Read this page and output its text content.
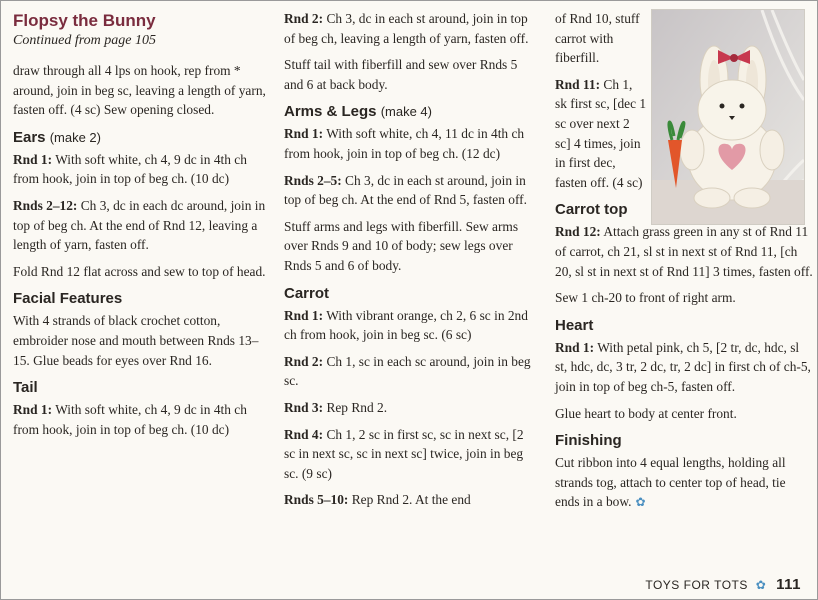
Flopsy the Bunny
Continued from page 105

draw through all 4 lps on hook, rep from * around, join in beg sc, leaving a length of yarn, fasten off. (4 sc) Sew opening closed.

Ears (make 2)

Rnd 1: With soft white, ch 4, 9 dc in 4th ch from hook, join in top of beg ch. (10 dc)

Rnds 2–12: Ch 3, dc in each dc around, join in top of beg ch. At the end of Rnd 12, leaving a length of yarn, fasten off.

Fold Rnd 12 flat across and sew to top of head.

Facial Features

With 4 strands of black crochet cotton, embroider nose and mouth between Rnds 13–15. Glue beads for eyes over Rnd 16.

Tail

Rnd 1: With soft white, ch 4, 9 dc in 4th ch from hook, join in top of beg ch. (10 dc)

Rnd 2: Ch 3, dc in each st around, join in top of beg ch, leaving a length of yarn, fasten off.

Stuff tail with fiberfill and sew over Rnds 5 and 6 at back body.

Arms & Legs (make 4)

Rnd 1: With soft white, ch 4, 11 dc in 4th ch from hook, join in top of beg ch. (12 dc)

Rnds 2–5: Ch 3, dc in each st around, join in top of beg ch. At the end of Rnd 5, fasten off.

Stuff arms and legs with fiberfill. Sew arms over Rnds 9 and 10 of body; sew legs over Rnds 5 and 6 of body.

Carrot

Rnd 1: With vibrant orange, ch 2, 6 sc in 2nd ch from hook, join in beg sc. (6 sc)

Rnd 2: Ch 1, sc in each sc around, join in beg sc.

Rnd 3: Rep Rnd 2.

Rnd 4: Ch 1, 2 sc in first sc, sc in next sc, [2 sc in next sc, sc in next sc] twice, join in beg sc. (9 sc)

Rnds 5–10: Rep Rnd 2. At the end

of Rnd 10, stuff carrot with fiberfill.

Rnd 11: Ch 1, sk first sc, [dec 1 sc over next 2 sc] 4 times, join in first dec, fasten off. (4 sc)

Carrot top

Rnd 12: Attach grass green in any st of Rnd 11 of carrot, ch 21, sl st in next st of Rnd 11, [ch 20, sl st in next st of Rnd 11] 3 times, fasten off.

Sew 1 ch-20 to front of right arm.

Heart

Rnd 1: With petal pink, ch 5, [2 tr, dc, hdc, sl st, hdc, dc, 3 tr, 2 dc, tr, 2 dc] in first ch of ch-5, join in top of beg ch-5, fasten off.

Glue heart to body at center front.

Finishing

Cut ribbon into 4 equal lengths, holding all strands tog, attach to center top of head, tie ends in a bow. ✿

TOYS FOR TOTS ✿ 111
